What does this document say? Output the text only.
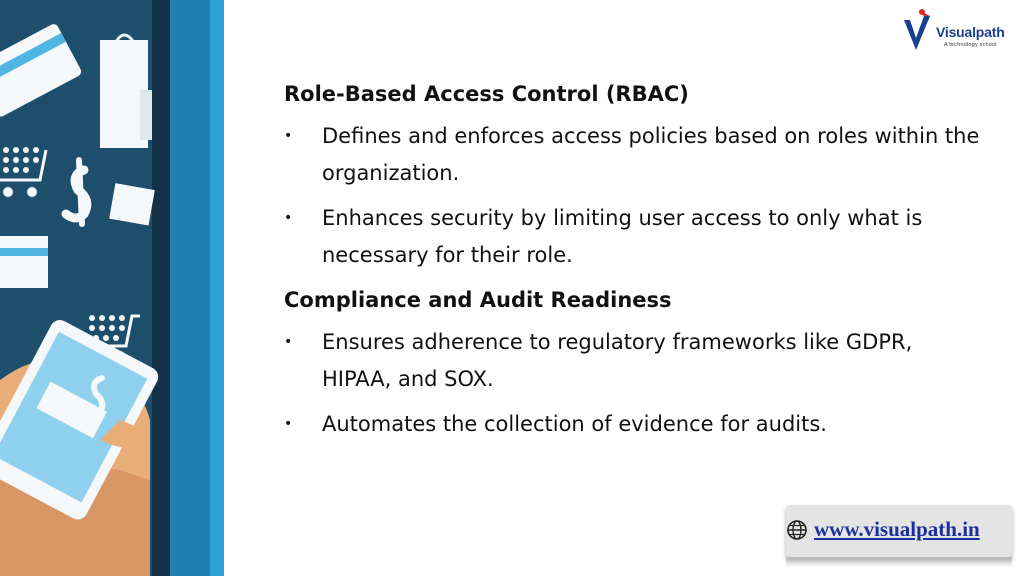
Visualpath
A technology school

Role-Based Access Control (RBAC)

• Defines and enforces access policies based on roles within the organization.
• Enhances security by limiting user access to only what is necessary for their role.

Compliance and Audit Readiness

• Ensures adherence to regulatory frameworks like GDPR, HIPAA, and SOX.
• Automates the collection of evidence for audits.
www.visualpath.in
